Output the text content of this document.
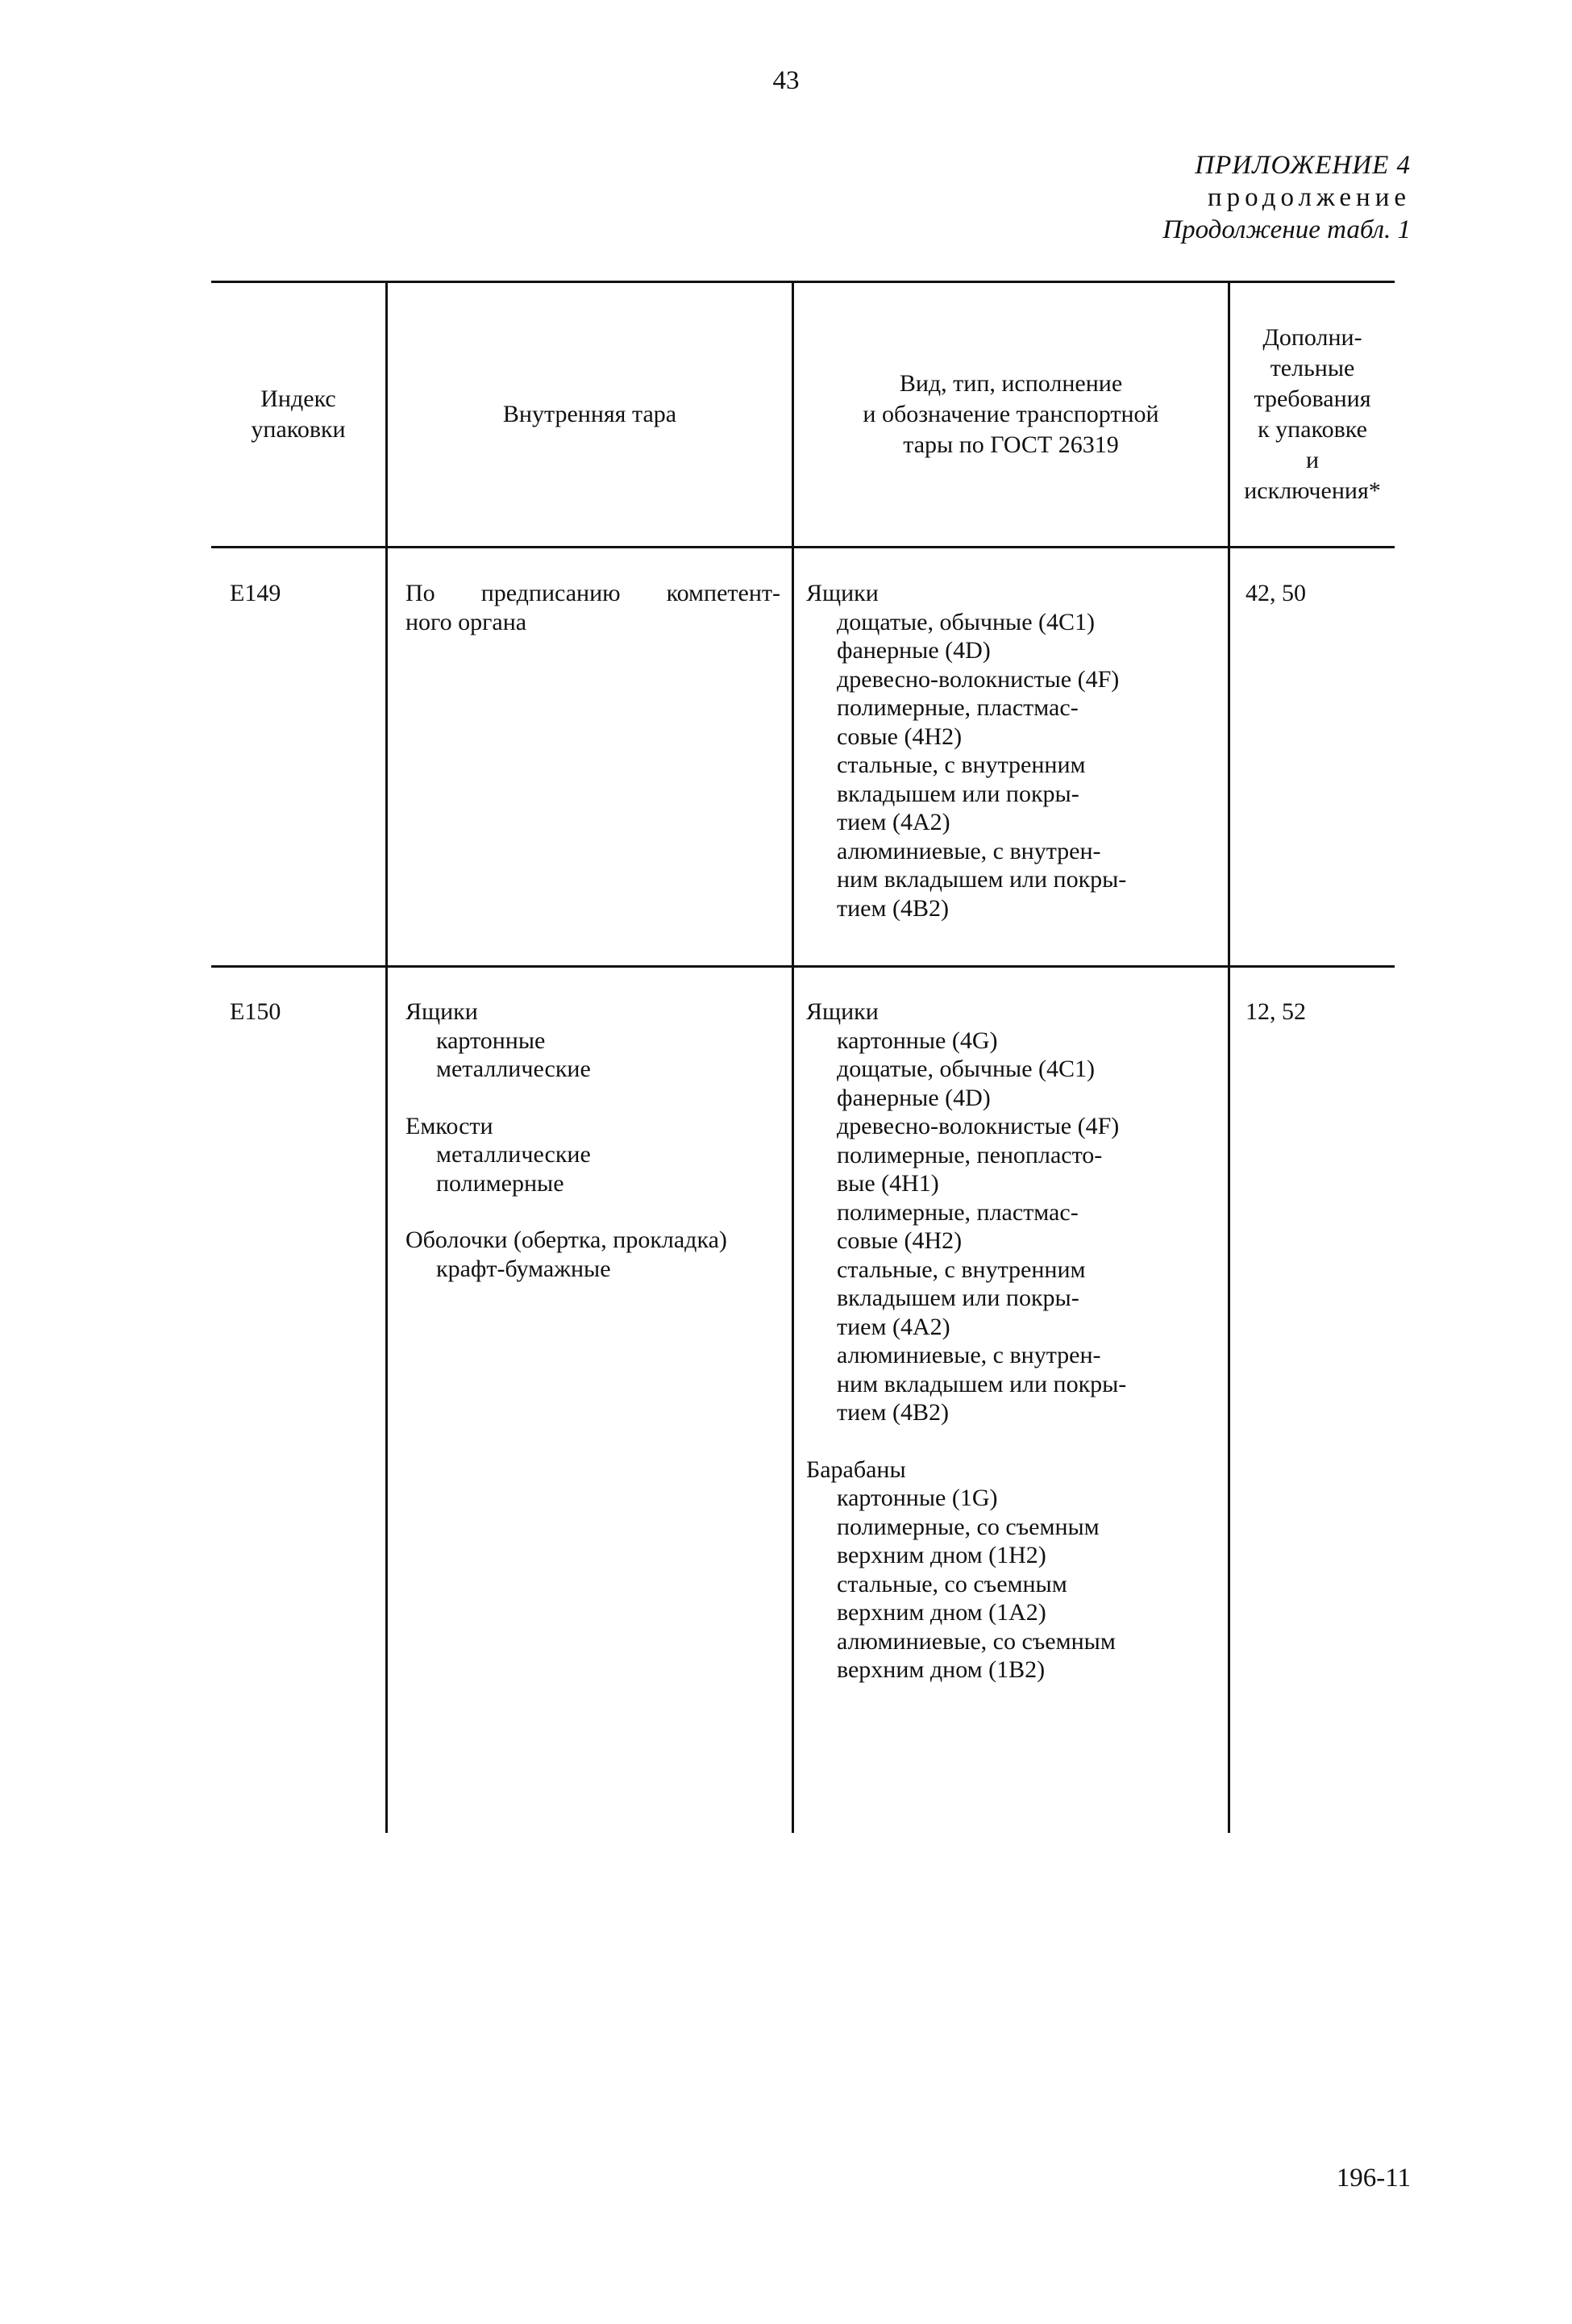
43
ПРИЛОЖЕНИЕ 4
продолжение
Продолжение табл. 1
Индекс
упаковки
Внутренняя тара
Вид, тип, исполнение
и обозначение транспортной
тары по ГОСТ 26319
Дополни-
тельные
требования
к упаковке
и
исключения*
Е149	По предписанию компетент-
ного органа
Ящики
дощатые, обычные (4С1)
фанерные (4D)
древесно-волокнистые (4F)
полимерные, пластмас-
совые (4Н2)
стальные, с внутренним
вкладышем или покры-
тием (4А2)
алюминиевые, с внутрен-
ним вкладышем или покры-
тием (4В2)
42, 50
Е150	Ящики
картонные
металлические
Емкости
металлические
полимерные
Оболочки (обертка, прокладка)
крафт-бумажные
Ящики
картонные (4G)
дощатые, обычные (4С1)
фанерные (4D)
древесно-волокнистые (4F)
полимерные, пенопласто-
вые (4Н1)
полимерные, пластмас-
совые (4Н2)
стальные, с внутренним
вкладышем или покры-
тием (4А2)
алюминиевые, с внутрен-
ним вкладышем или покры-
тием (4В2)
Барабаны
картонные (1G)
полимерные, со съемным
верхним дном (1Н2)
стальные, со съемным
верхним дном (1А2)
алюминиевые, со съемным
верхним дном (1В2)
12, 52
196-11
